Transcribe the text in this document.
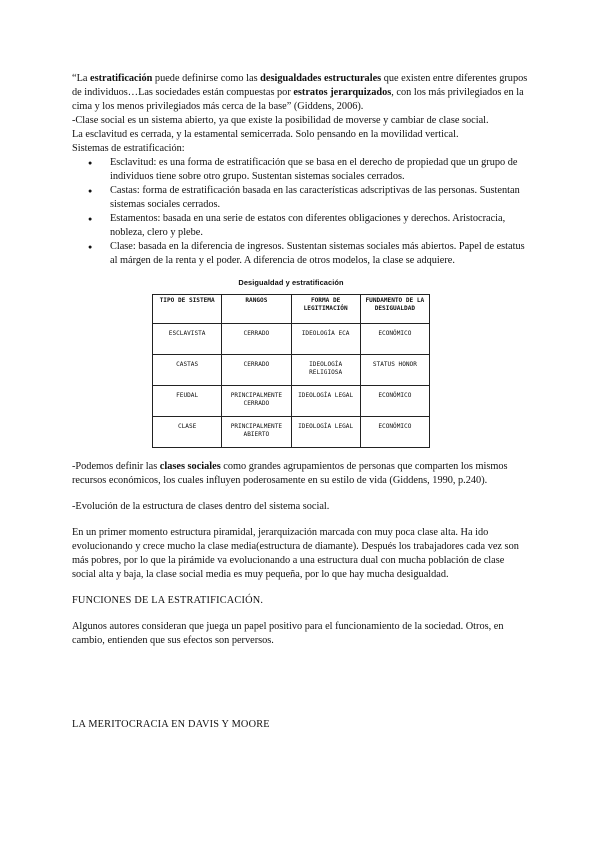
“La estratificación puede definirse como las desigualdades estructurales que existen entre diferentes grupos de individuos…Las sociedades están compuestas por estratos jerarquizados, con los más privilegiados en la cima y los menos privilegiados más cerca de la base” (Giddens, 2006).

-Clase social es un sistema abierto, ya que existe la posibilidad de moverse y cambiar de clase social.

La esclavitud es cerrada, y la estamental semicerrada. Solo pensando en la movilidad vertical.

Sistemas de estratificación:

● Esclavitud: es una forma de estratificación que se basa en el derecho de propiedad que un grupo de individuos tiene sobre otro grupo. Sustentan sistemas sociales cerrados.
● Castas: forma de estratificación basada en las características adscriptivas de las personas. Sustentan sistemas sociales cerrados.
● Estamentos: basada en una serie de estatos con diferentes obligaciones y derechos. Aristocracia, nobleza, clero y plebe.
● Clase: basada en la diferencia de ingresos. Sustentan sistemas sociales más abiertos. Papel de estatus al márgen de la renta y el poder. A diferencia de otros modelos, la clase se adquiere.
Desigualdad y estratificación
TIPO DE SISTEMA	RANGOS	FORMA DE LEGITIMACIÓN	FUNDAMENTO DE LA DESIGUALDAD
ESCLAVISTA	CERRADO	IDEOLOGÍA ECA	ECONÓMICO
CASTAS	CERRADO	IDEOLOGÍA RELIGIOSA	STATUS HONOR
FEUDAL	PRINCIPALMENTE CERRADO	IDEOLOGÍA LEGAL	ECONÓMICO
CLASE	PRINCIPALMENTE ABIERTO	IDEOLOGÍA LEGAL	ECONÓMICO

-Podemos definir las clases sociales como grandes agrupamientos de personas que comparten los mismos recursos económicos, los cuales influyen poderosamente en su estilo de vida (Giddens, 1990, p.240).

-Evolución de la estructura de clases dentro del sistema social.

En un primer momento estructura piramidal, jerarquización marcada con muy poca clase alta. Ha ido evolucionando y crece mucho la clase media(estructura de diamante). Después los trabajadores cada vez son más pobres, por lo que la pirámide va evolucionando a una estructura dual con mucha población de clase social alta y baja, la clase social media es muy pequeña, por lo que hay mucha desigualdad.

FUNCIONES DE LA ESTRATIFICACIÓN.

Algunos autores consideran que juega un papel positivo para el funcionamiento de la sociedad. Otros, en cambio, entienden que sus efectos son perversos.

LA MERITOCRACIA EN DAVIS Y MOORE
